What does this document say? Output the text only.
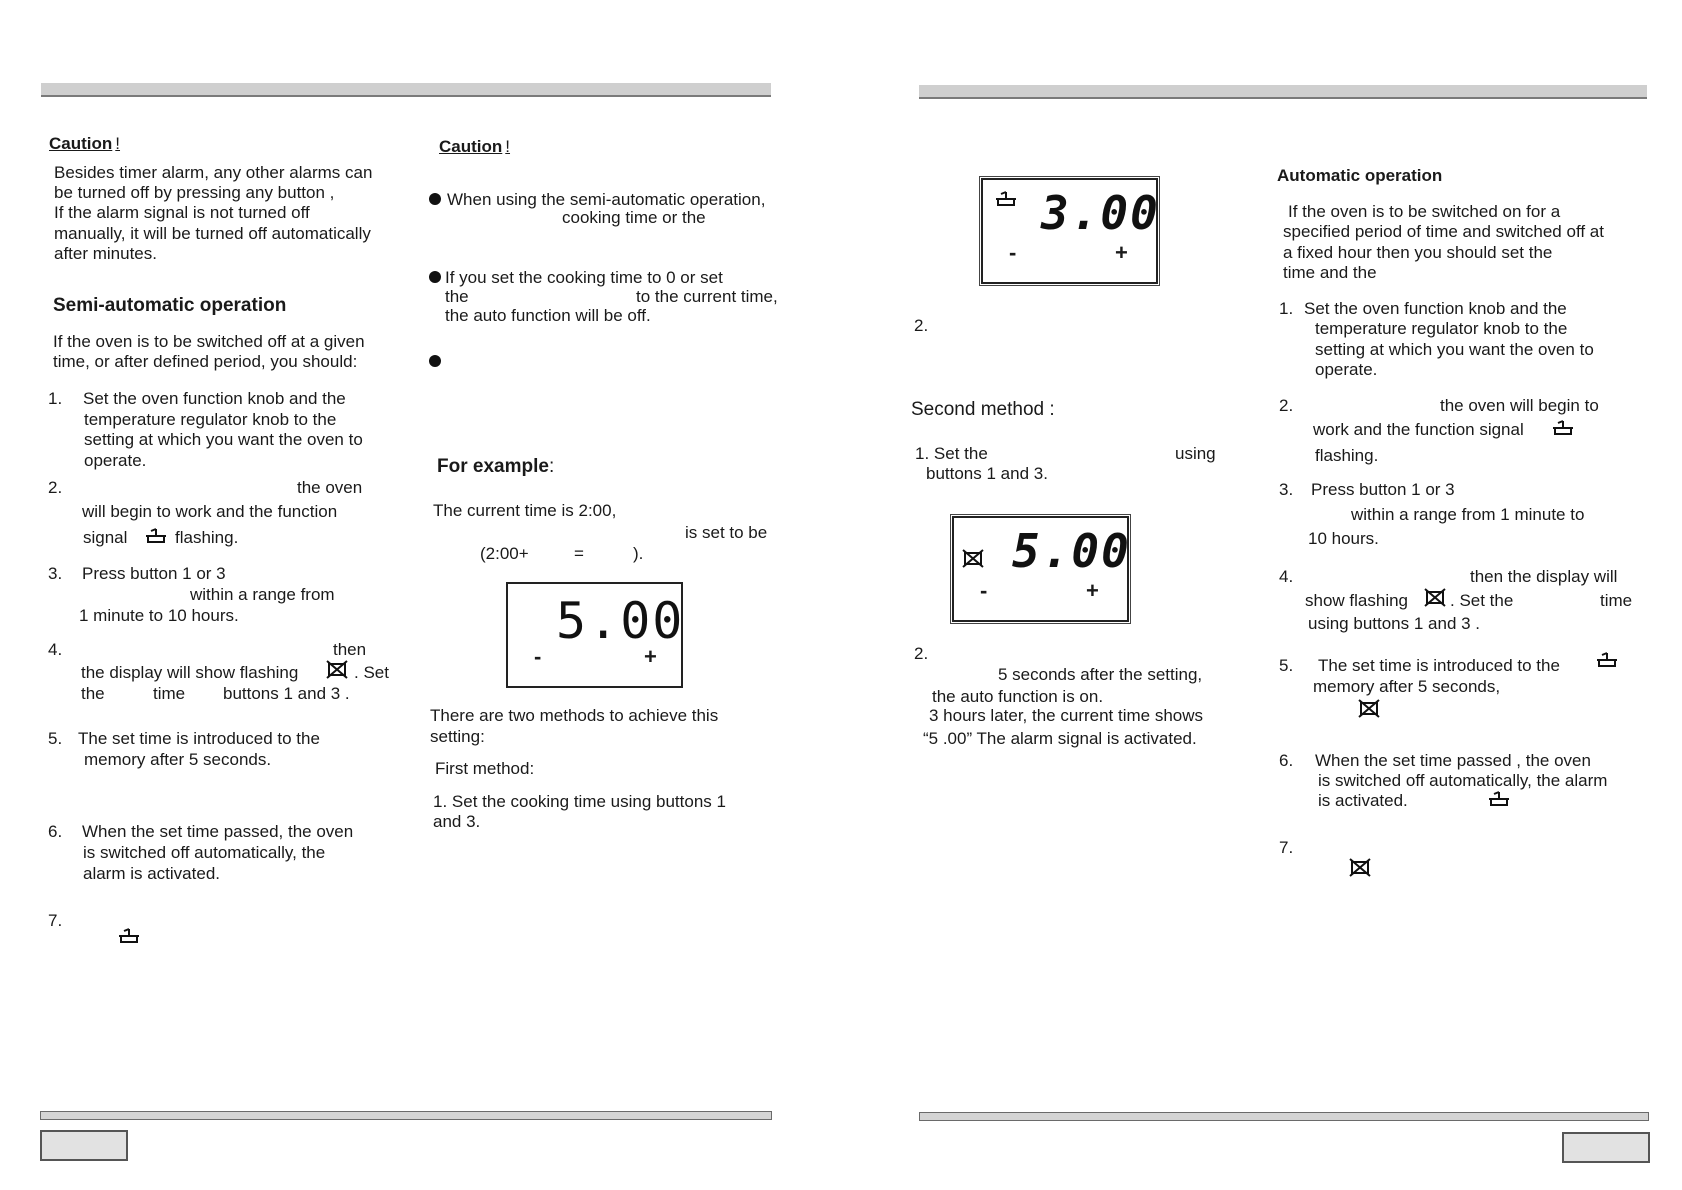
Caution !
Besides timer alarm, any other alarms can
be turned off by pressing any button ,
If the alarm signal is not turned off
manually, it will be turned off automatically
after minutes.
Semi-automatic operation
If the oven is to be switched off at a given
time, or after defined period, you should:
1. Set the oven function knob and the
temperature regulator knob to the
setting at which you want the oven to
operate.
2.	the oven
will begin to work and the function
signal	flashing.
3. Press button 1 or 3
within a range from
1 minute to 10 hours.
4.	then
the display will show flashing	. Set
the	time buttons 1 and 3 .
5. The set time is introduced to the
memory after 5 seconds.
6. When the set time passed, the oven
is switched off automatically, the
alarm is activated.
7.
Caution !
When using the semi-automatic operation,
cooking time or the
If you set the cooking time to 0 or set
the	to the current time,
the auto function will be off.
For example:
The current time is 2:00,
is set to be
(2:00+	=	).
5.00
-	+
There are two methods to achieve this
setting:
First method:
1. Set the cooking time using buttons 1
and 3.
3.00
-	+
2.
Second method :
1. Set the	using
buttons 1 and 3.
5.00
-	+
2.
5 seconds after the setting,
the auto function is on.
3 hours later, the current time shows
“5 .00” The alarm signal is activated.
Automatic operation
If the oven is to be switched on for a
specified period of time and switched off at
a fixed hour then you should set the
time and the
1. Set the oven function knob and the
temperature regulator knob to the
setting at which you want the oven to
operate.
2.	the oven will begin to
work and the function signal
flashing.
3. Press button 1 or 3
within a range from 1 minute to
10 hours.
4.	then the display will
show flashing . Set the	time
using buttons 1 and 3 .
5. The set time is introduced to the
memory after 5 seconds,
6. When the set time passed , the oven
is switched off automatically, the alarm
is activated.
7.
